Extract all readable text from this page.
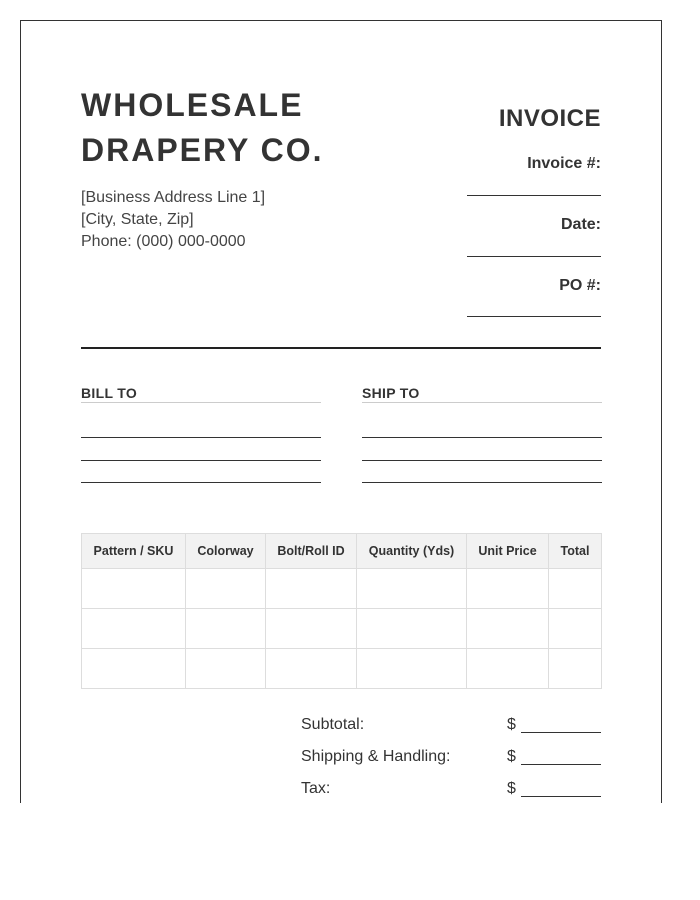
WHOLESALE
DRAPERY CO.
[Business Address Line 1]
[City, State, Zip]
Phone: (000) 000-0000
INVOICE
Invoice #:
Date:
PO #:
BILL TO	SHIP TO
Pattern / SKU	Colorway	Bolt/Roll ID	Quantity (Yds)	Unit Price	Total

Subtotal:	$
Shipping & Handling:	$
Tax:	$
